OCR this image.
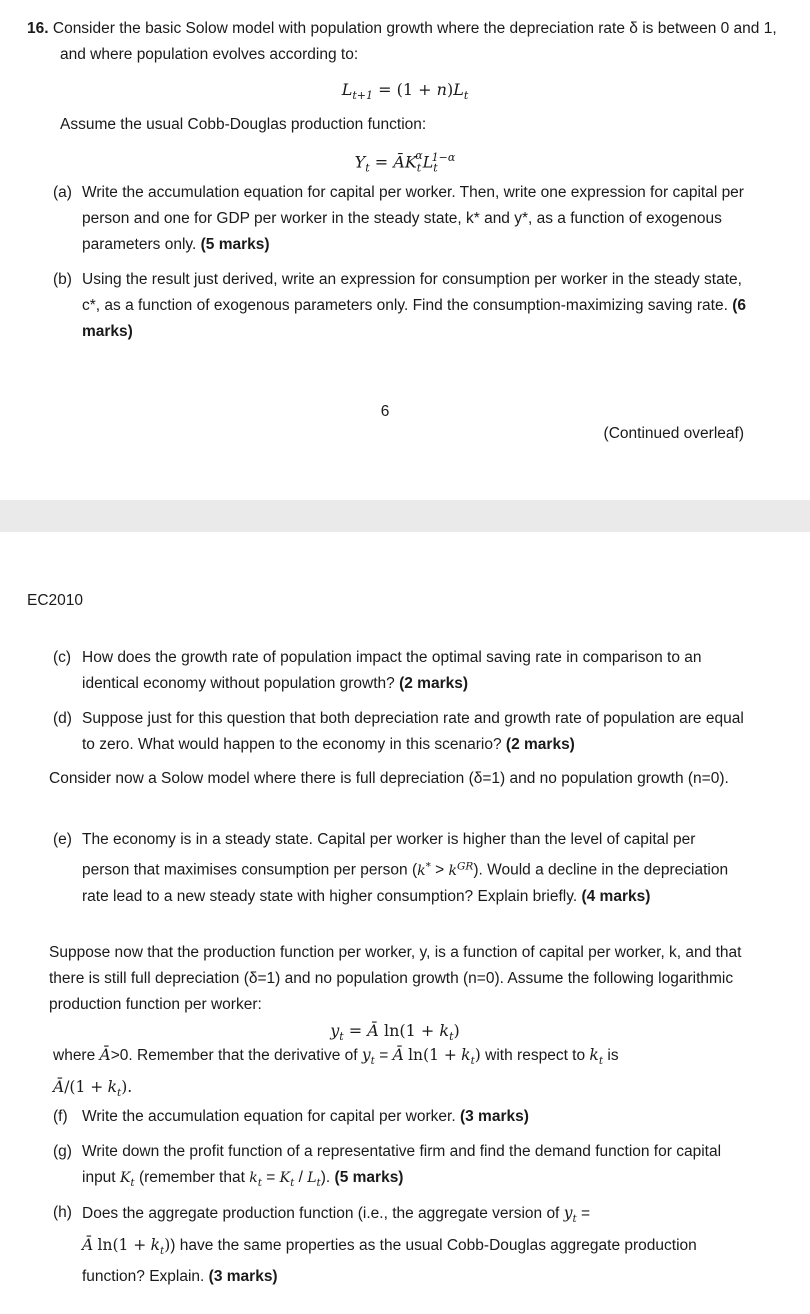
16. Consider the basic Solow model with population growth where the depreciation rate δ is between 0 and 1, and where population evolves according to:
$L_{t+1} = (1 + n)L_t$
Assume the usual Cobb-Douglas production function:
$Y_t$ = $ĀK_t^\alpha L_t^{1-\alpha}$
(a) Write the accumulation equation for capital per worker. Then, write one expression for capital per person and one for GDP per worker in the steady state, k* and y*, as a function of exogenous parameters only. (5 marks)
(b) Using the result just derived, write an expression for consumption per worker in the steady state, c*, as a function of exogenous parameters only. Find the consumption-maximizing saving rate. (6 marks)
6
(Continued overleaf)
EC2010
(c) How does the growth rate of population impact the optimal saving rate in comparison to an identical economy without population growth? (2 marks)
(d) Suppose just for this question that both depreciation rate and growth rate of population are equal to zero. What would happen to the economy in this scenario? (2 marks)
Consider now a Solow model where there is full depreciation (δ=1) and no population growth (n=0).
(e) The economy is in a steady state. Capital per worker is higher than the level of capital per person that maximises consumption per person $(k^* > k^{GR})$. Would a decline in the depreciation rate lead to a new steady state with higher consumption? Explain briefly. (4 marks)
Suppose now that the production function per worker, y, is a function of capital per worker, k, and that there is still full depreciation (δ=1) and no population growth (n=0). Assume the following logarithmic production function per worker:
$y_t$ = Ā $\ln(1 + k_t)$
where Ā>0. Remember that the derivative of $y_t$ = Ā $\ln(1 + k_t)$ with respect to $k_t$ is
Ā/(1 + $k_t$).
(f) Write the accumulation equation for capital per worker. (3 marks)
(g) Write down the profit function of a representative firm and find the demand function for capital input $K_t$ (remember that $k_t = K_t / L_t$). (5 marks)
(h) Does the aggregate production function (i.e., the aggregate version of $y_t$ =
Ā $\ln(1 + k_t)$) have the same properties as the usual Cobb-Douglas aggregate production function? Explain. (3 marks)
